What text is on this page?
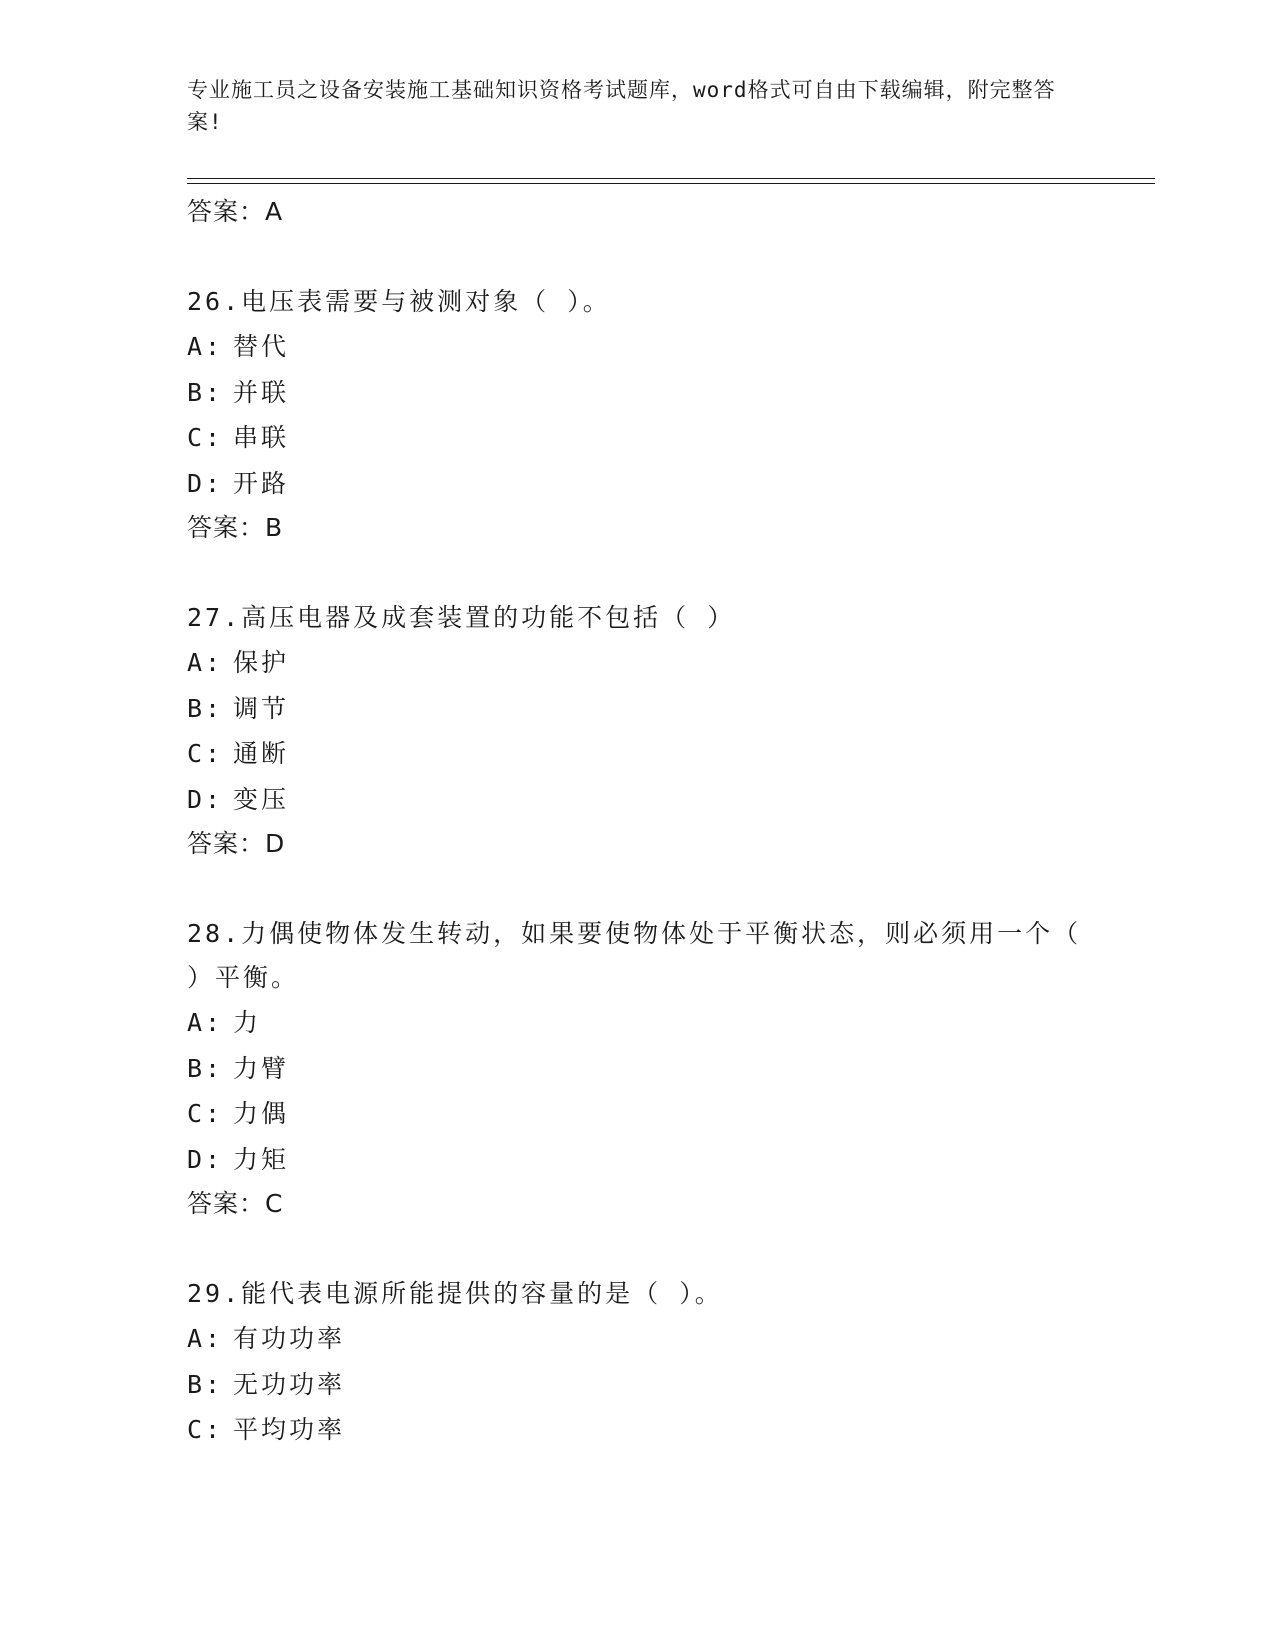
专业施工员之设备安装施工基础知识资格考试题库，word格式可自由下载编辑，附完整答案!
答案：A
26.电压表需要与被测对象（ ）。
A: 替代
B: 并联
C: 串联
D: 开路
答案：B
27.高压电器及成套装置的功能不包括（ ）
A: 保护
B: 调节
C: 通断
D: 变压
答案：D
28.力偶使物体发生转动，如果要使物体处于平衡状态，则必须用一个（ ）平衡。
A: 力
B: 力臂
C: 力偶
D: 力矩
答案：C
29.能代表电源所能提供的容量的是（ ）。
A: 有功功率
B: 无功功率
C: 平均功率
